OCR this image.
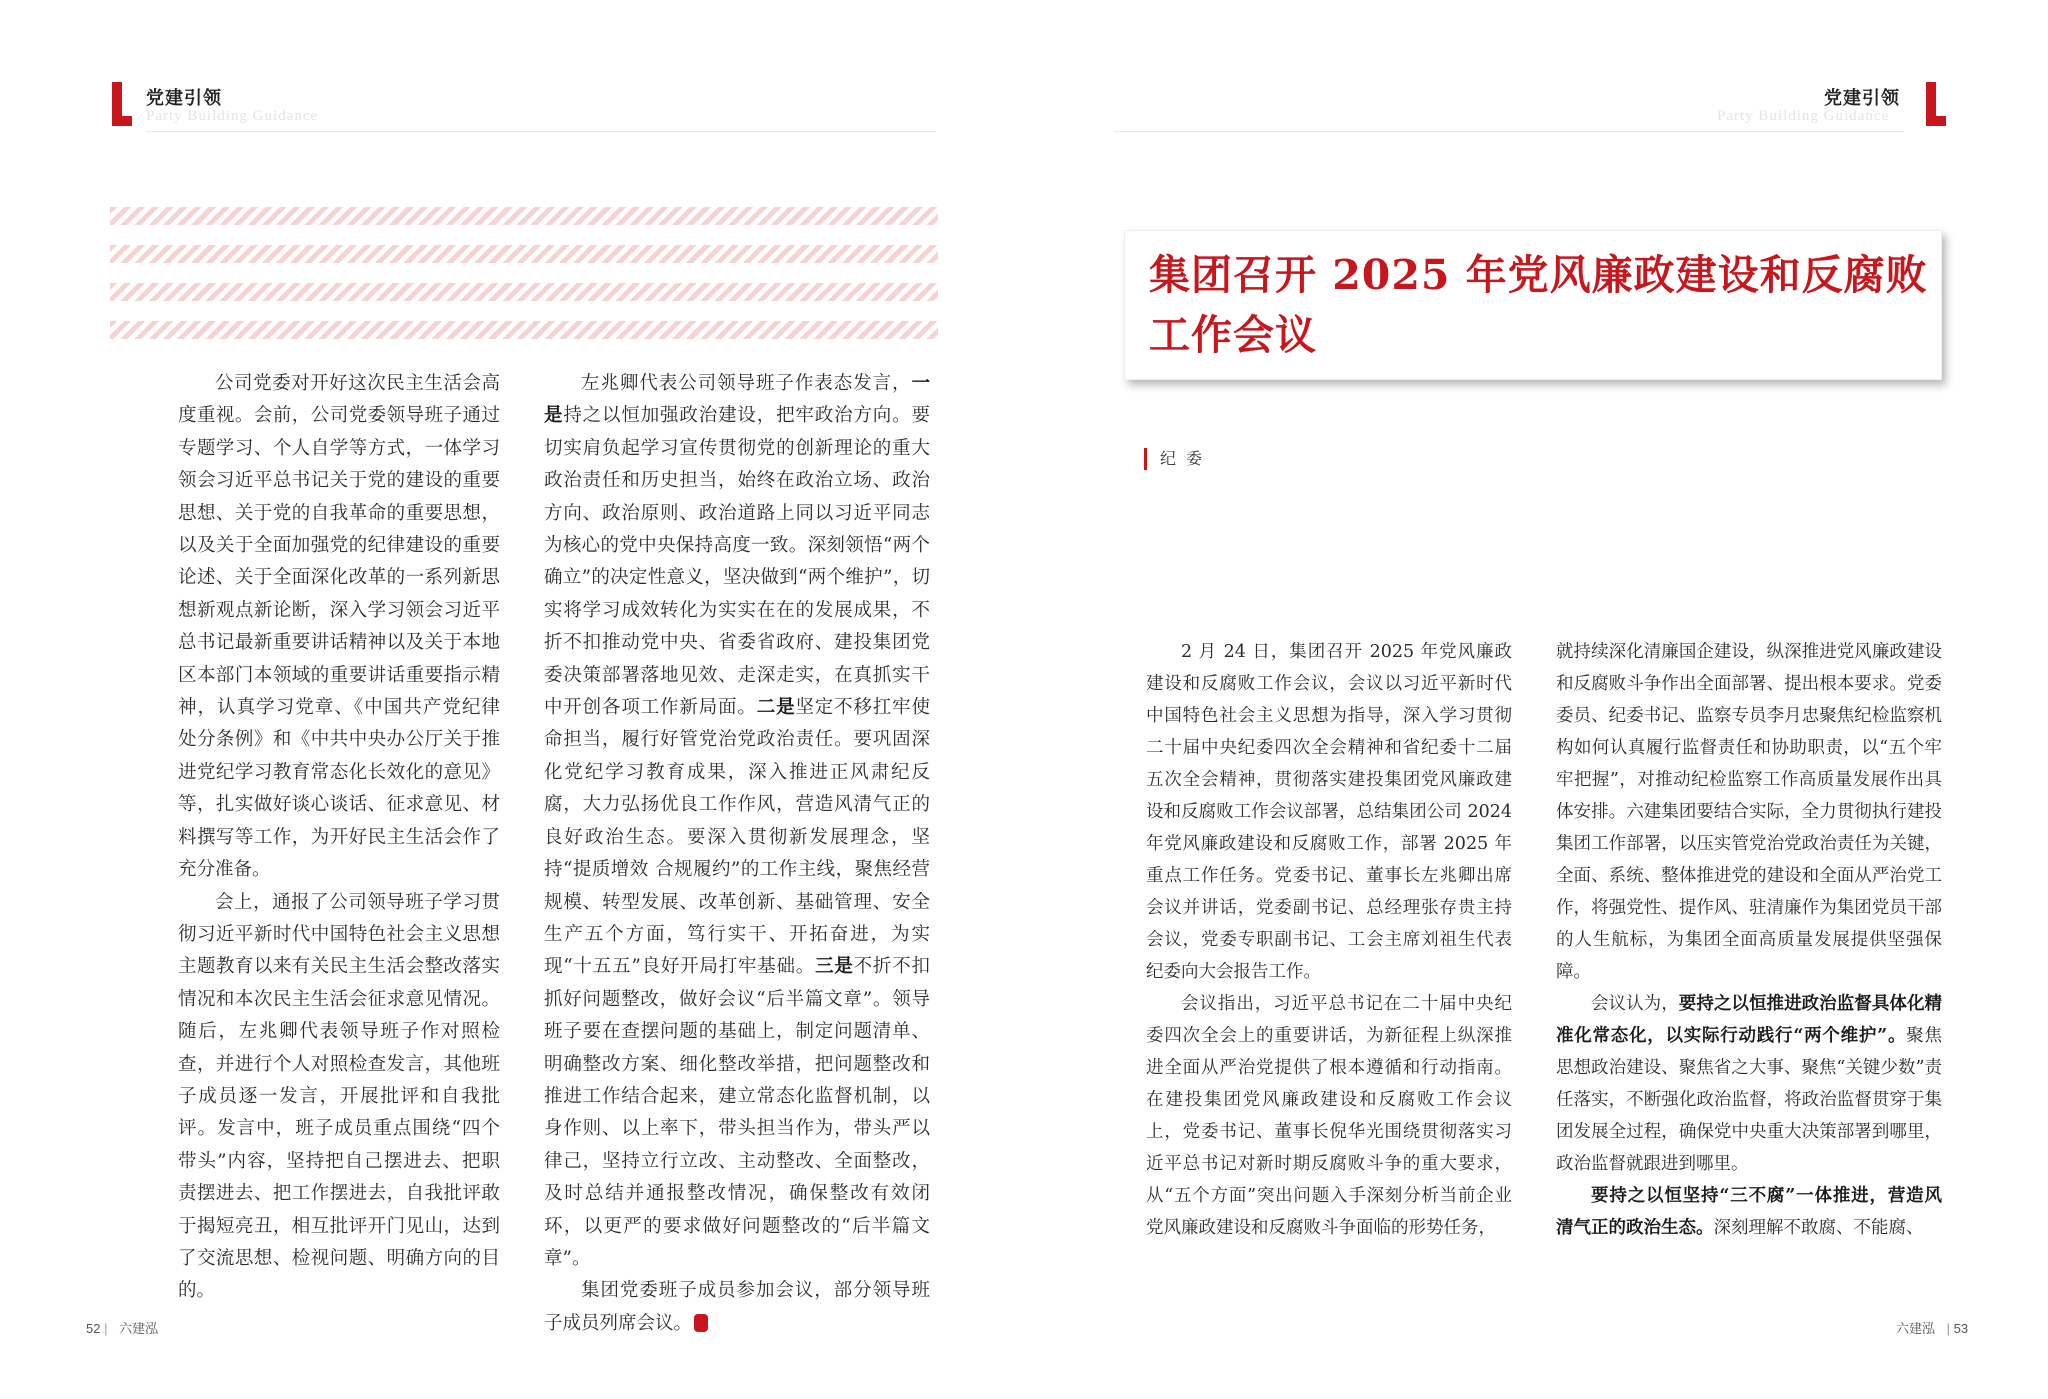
党建引领
Party Building Guidance

公司党委对开好这次民主生活会高度重视。会前，公司党委领导班子通过专题学习、个人自学等方式，一体学习领会习近平总书记关于党的建设的重要思想、关于党的自我革命的重要思想，以及关于全面加强党的纪律建设的重要论述、关于全面深化改革的一系列新思想新观点新论断，深入学习领会习近平总书记最新重要讲话精神以及关于本地区本部门本领域的重要讲话重要指示精神，认真学习党章、《中国共产党纪律处分条例》和《中共中央办公厅关于推进党纪学习教育常态化长效化的意见》等，扎实做好谈心谈话、征求意见、材料撰写等工作，为开好民主生活会作了充分准备。

会上，通报了公司领导班子学习贯彻习近平新时代中国特色社会主义思想主题教育以来有关民主生活会整改落实情况和本次民主生活会征求意见情况。随后，左兆卿代表领导班子作对照检查，并进行个人对照检查发言，其他班子成员逐一发言，开展批评和自我批评。发言中，班子成员重点围绕“四个带头”内容，坚持把自己摆进去、把职责摆进去、把工作摆进去，自我批评敢于揭短亮丑，相互批评开门见山，达到了交流思想、检视问题、明确方向的目的。

左兆卿代表公司领导班子作表态发言，一是持之以恒加强政治建设，把牢政治方向。要切实肩负起学习宣传贯彻党的创新理论的重大政治责任和历史担当，始终在政治立场、政治方向、政治原则、政治道路上同以习近平同志为核心的党中央保持高度一致。深刻领悟“两个确立”的决定性意义，坚决做到“两个维护”，切实将学习成效转化为实实在在的发展成果，不折不扣推动党中央、省委省政府、建投集团党委决策部署落地见效、走深走实，在真抓实干中开创各项工作新局面。二是坚定不移扛牢使命担当，履行好管党治党政治责任。要巩固深化党纪学习教育成果，深入推进正风肃纪反腐，大力弘扬优良工作作风，营造风清气正的良好政治生态。要深入贯彻新发展理念，坚持“提质增效 合规履约”的工作主线，聚焦经营规模、转型发展、改革创新、基础管理、安全生产五个方面，笃行实干、开拓奋进，为实现“十五五”良好开局打牢基础。三是不折不扣抓好问题整改，做好会议“后半篇文章”。领导班子要在查摆问题的基础上，制定问题清单、明确整改方案、细化整改举措，把问题整改和推进工作结合起来，建立常态化监督机制，以身作则、以上率下，带头担当作为，带头严以律己，坚持立行立改、主动整改、全面整改，及时总结并通报整改情况，确保整改有效闭环，以更严的要求做好问题整改的“后半篇文章”。

集团党委班子成员参加会议，部分领导班子成员列席会议。

52 | 六建泓
党建引领
Party Building Guidance
六建泓 | 53
集团召开 2025 年党风廉政建设和反腐败工作会议
纪委

2 月 24 日，集团召开 2025 年党风廉政建设和反腐败工作会议，会议以习近平新时代中国特色社会主义思想为指导，深入学习贯彻二十届中央纪委四次全会精神和省纪委十二届五次全会精神，贯彻落实建投集团党风廉政建设和反腐败工作会议部署，总结集团公司 2024 年党风廉政建设和反腐败工作，部署 2025 年重点工作任务。党委书记、董事长左兆卿出席会议并讲话，党委副书记、总经理张存贵主持会议，党委专职副书记、工会主席刘祖生代表纪委向大会报告工作。

会议指出，习近平总书记在二十届中央纪委四次全会上的重要讲话，为新征程上纵深推进全面从严治党提供了根本遵循和行动指南。在建投集团党风廉政建设和反腐败工作会议上，党委书记、董事长倪华光围绕贯彻落实习近平总书记对新时期反腐败斗争的重大要求，从“五个方面”突出问题入手深刻分析当前企业党风廉政建设和反腐败斗争面临的形势任务，

就持续深化清廉国企建设，纵深推进党风廉政建设和反腐败斗争作出全面部署、提出根本要求。党委委员、纪委书记、监察专员李月忠聚焦纪检监察机构如何认真履行监督责任和协助职责，以“五个牢牢把握”，对推动纪检监察工作高质量发展作出具体安排。六建集团要结合实际，全力贯彻执行建投集团工作部署，以压实管党治党政治责任为关键，全面、系统、整体推进党的建设和全面从严治党工作，将强党性、提作风、驻清廉作为集团党员干部的人生航标，为集团全面高质量发展提供坚强保障。

会议认为，要持之以恒推进政治监督具体化精准化常态化，以实际行动践行“两个维护”。聚焦思想政治建设、聚焦省之大事、聚焦“关键少数”责任落实，不断强化政治监督，将政治监督贯穿于集团发展全过程，确保党中央重大决策部署到哪里，政治监督就跟进到哪里。

要持之以恒坚持“三不腐”一体推进，营造风清气正的政治生态。深刻理解不敢腐、不能腐、
